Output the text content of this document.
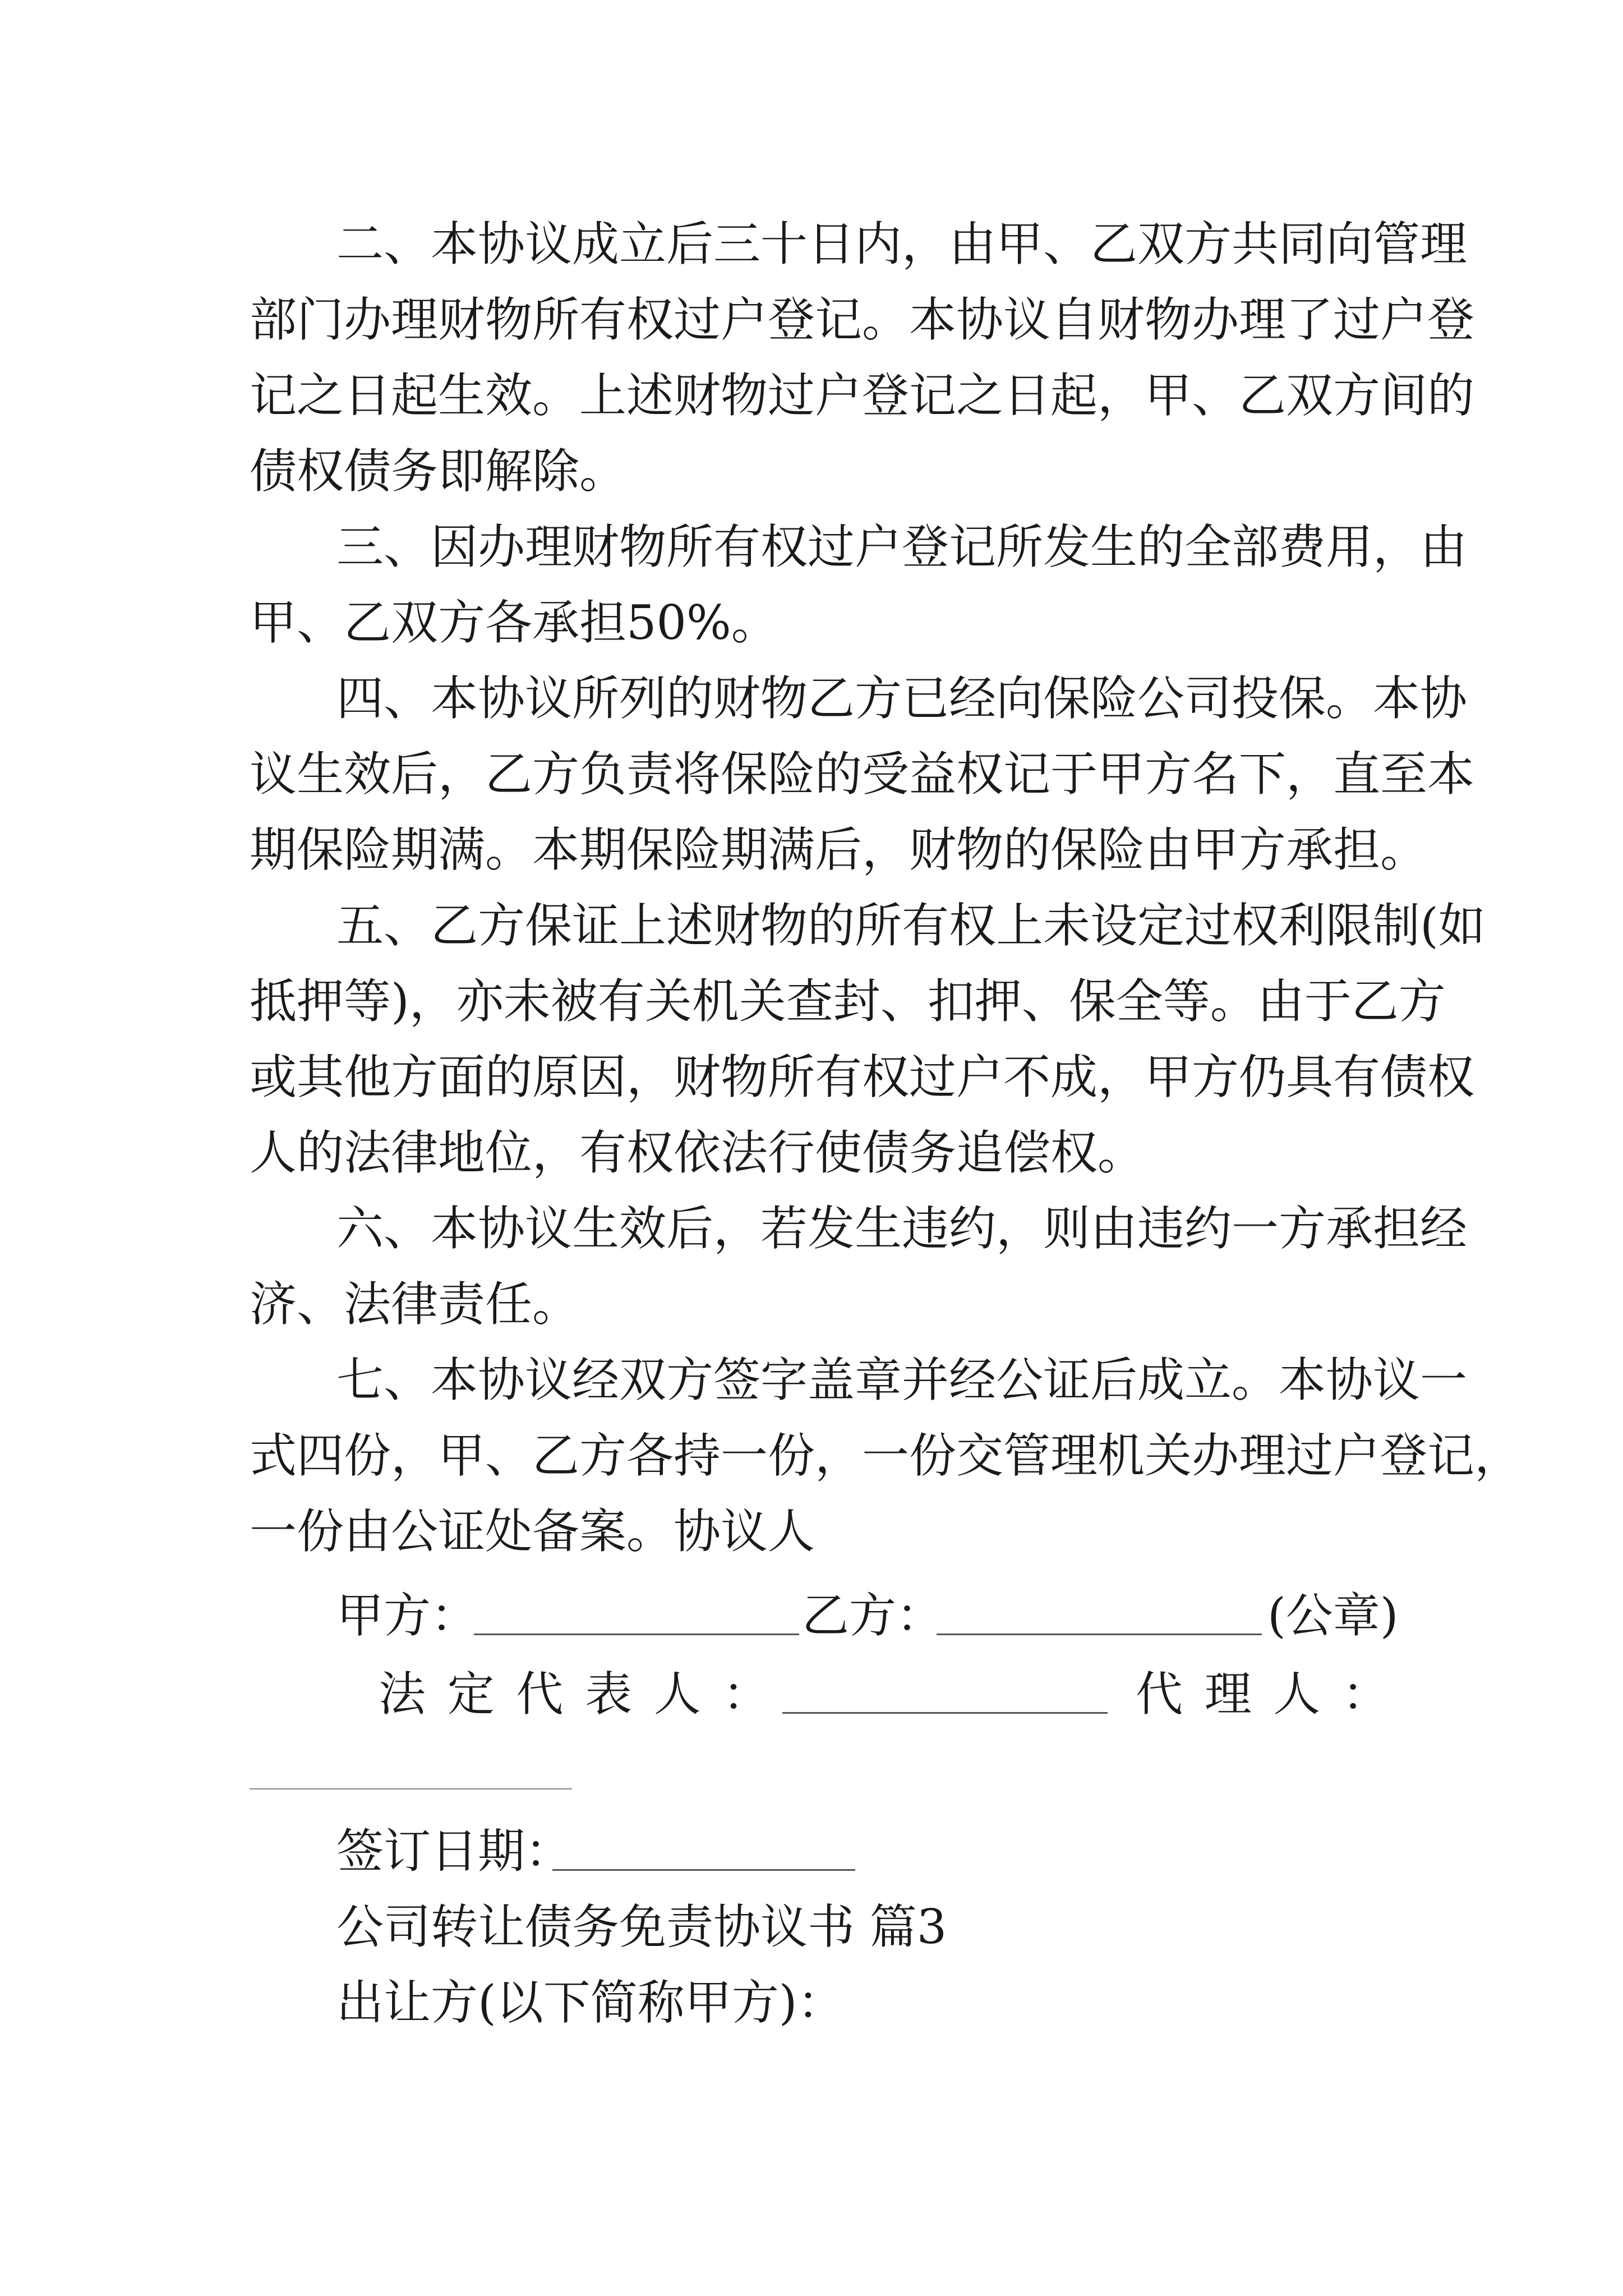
二、本协议成立后三十日内，由甲、乙双方共同向管理
部门办理财物所有权过户登记。本协议自财物办理了过户登
记之日起生效。上述财物过户登记之日起，甲、乙双方间的
债权债务即解除。
三、因办理财物所有权过户登记所发生的全部费用，由
甲、乙双方各承担50%。
四、本协议所列的财物乙方已经向保险公司投保。本协
议生效后，乙方负责将保险的受益权记于甲方名下，直至本
期保险期满。本期保险期满后，财物的保险由甲方承担。
五、乙方保证上述财物的所有权上未设定过权利限制(如
抵押等)，亦未被有关机关查封、扣押、保全等。由于乙方
或其他方面的原因，财物所有权过户不成，甲方仍具有债权
人的法律地位，有权依法行使债务追偿权。
六、本协议生效后，若发生违约，则由违约一方承担经
济、法律责任。
七、本协议经双方签字盖章并经公证后成立。本协议一
式四份，甲、乙方各持一份，一份交管理机关办理过户登记，
一份由公证处备案。协议人
甲方：	乙方：	(公章)
法 定 代 表 人 ：	代 理 人 ：
签订日期：
公司转让债务免责协议书 篇3
出让方(以下简称甲方)：
